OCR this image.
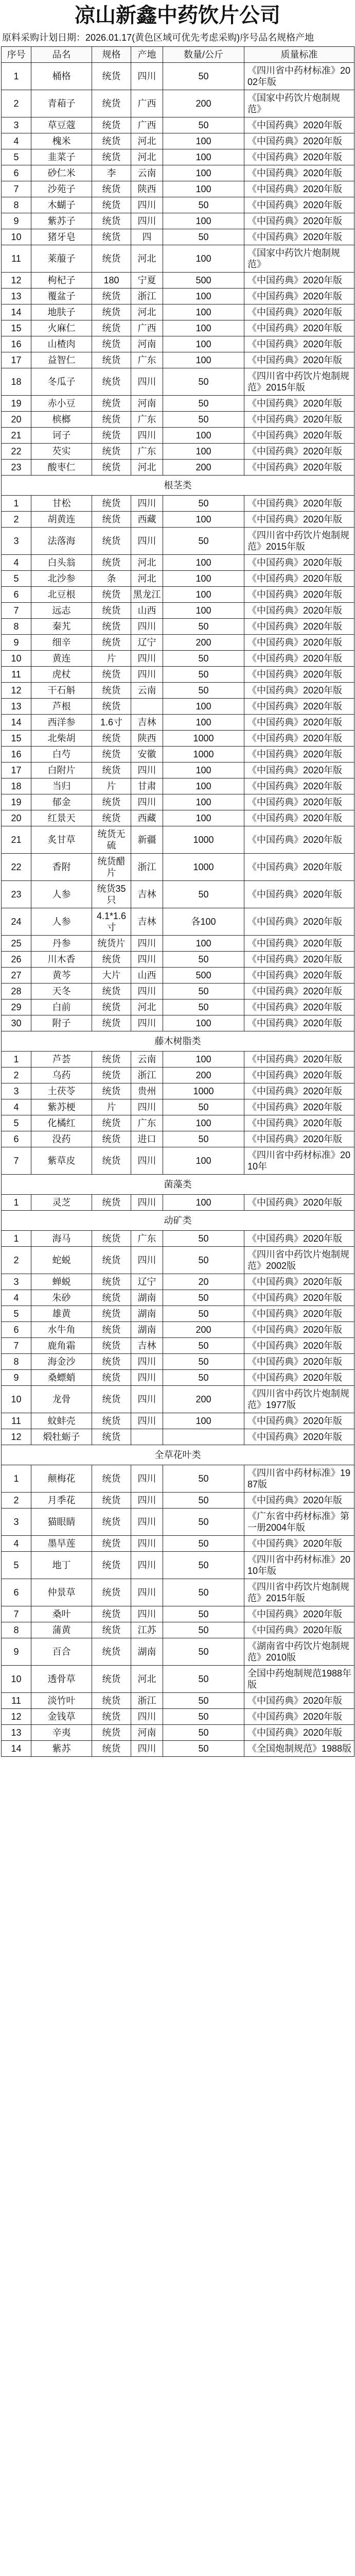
凉山新鑫中药饮片公司
原料采购计划日期：2026.01.17(黄色区域可优先考虑采购)序号品名规格产地
序号	品名	规格	产地	数量/公斤	质量标准
1	桶格	统货	四川	50	《四川省中药材标准》2002年版
2	青葙子	统货	广西	200	《国家中药饮片炮制规范》
3	草豆蔻	统货	广西	50	《中国药典》2020年版
4	槐米	统货	河北	100	《中国药典》2020年版
5	韭菜子	统货	河北	100	《中国药典》2020年版
6	砂仁米	李	云南	100	《中国药典》2020年版
7	沙苑子	统货	陕西	100	《中国药典》2020年版
8	木蝴子	统货	四川	50	《中国药典》2020年版
9	紫苏子	统货	四川	100	《中国药典》2020年版
10	猪牙皂	统货	四	50	《中国药典》2020年版
11	莱菔子	统货	河北	100	《国家中药饮片炮制规范》
12	枸杞子	180	宁夏	500	《中国药典》2020年版
13	覆盆子	统货	浙江	100	《中国药典》2020年版
14	地肤子	统货	河北	100	《中国药典》2020年版
15	火麻仁	统货	广西	100	《中国药典》2020年版
16	山楂肉	统货	河南	100	《中国药典》2020年版
17	益智仁	统货	广东	100	《中国药典》2020年版
18	冬瓜子	统货	四川	50	《四川省中药饮片炮制规范》2015年版
19	赤小豆	统货	河南	50	《中国药典》2020年版
20	槟榔	统货	广东	50	《中国药典》2020年版
21	诃子	统货	四川	100	《中国药典》2020年版
22	芡实	统货	广东	100	《中国药典》2020年版
23	酸枣仁	统货	河北	200	《中国药典》2020年版
根茎类					
1	甘松	统货	四川	50	《中国药典》2020年版
2	胡黄连	统货	西藏	100	《中国药典》2020年版
3	法落海	统货	四川	50	《四川省中药饮片炮制规范》2015年版
4	白头翁	统货	河北	100	《中国药典》2020年版
5	北沙参	条	河北	100	《中国药典》2020年版
6	北豆根	统货	黑龙江	100	《中国药典》2020年版
7	远志	统货	山西	100	《中国药典》2020年版
8	秦艽	统货	四川	50	《中国药典》2020年版
9	细辛	统货	辽宁	200	《中国药典》2020年版
10	黄连	片	四川	50	《中国药典》2020年版
11	虎杖	统货	四川	50	《中国药典》2020年版
12	干石斛	统货	云南	50	《中国药典》2020年版
13	芦根	统货		100	《中国药典》2020年版
14	西洋参	1.6寸	吉林	100	《中国药典》2020年版
15	北柴胡	统货	陕西	1000	《中国药典》2020年版
16	白芍	统货	安徽	1000	《中国药典》2020年版
17	白附片	统货	四川	100	《中国药典》2020年版
18	当归	片	甘肃	100	《中国药典》2020年版
19	郁金	统货	四川	100	《中国药典》2020年版
20	红景天	统货	西藏	100	《中国药典》2020年版
21	炙甘草	统货无硫	新疆	1000	《中国药典》2020年版
22	香附	统货醋片	浙江	1000	《中国药典》2020年版
23	人参	统货35只	吉林	50	《中国药典》2020年版
24	人参	4.1*1.6寸	吉林	各100	《中国药典》2020年版
25	丹参	统货片	四川	100	《中国药典》2020年版
26	川木香	统货	四川	50	《中国药典》2020年版
27	黄芩	大片	山西	500	《中国药典》2020年版
28	天冬	统货	四川	50	《中国药典》2020年版
29	白前	统货	河北	50	《中国药典》2020年版
30	附子	统货	四川	100	《中国药典》2020年版
藤木树脂类					
1	芦荟	统货	云南	100	《中国药典》2020年版
2	乌药	统货	浙江	200	《中国药典》2020年版
3	土茯苓	统货	贵州	1000	《中国药典》2020年版
4	紫苏梗	片	四川	50	《中国药典》2020年版
5	化橘红	统货	广东	100	《中国药典》2020年版
6	没药	统货	进口	50	《中国药典》2020年版
7	紫草皮	统货	四川	100	《四川省中药材标准》2010年
菌藻类					
1	灵芝	统货	四川	100	《中国药典》2020年版
动矿类					
1	海马	统货	广东	50	《中国药典》2020年版
2	蛇蜕	统货	四川	50	《四川省中药饮片炮制规范》2002版
3	蝉蜕	统货	辽宁	20	《中国药典》2020年版
4	朱砂	统货	湖南	50	《中国药典》2020年版
5	雄黄	统货	湖南	50	《中国药典》2020年版
6	水牛角	统货	湖南	200	《中国药典》2020年版
7	鹿角霜	统货	吉林	50	《中国药典》2020年版
8	海金沙	统货	四川	50	《中国药典》2020年版
9	桑螵蛸	统货	四川	50	《中国药典》2020年版
10	龙骨	统货	四川	200	《四川省中药饮片炮制规范》1977版
11	蚊蚌壳	统货	四川	100	《中国药典》2020年版
12	煅牡蛎子	统货			《中国药典》2020年版
全草花叶类					
1	颠梅花	统货	四川	50	《四川省中药材标准》1987版
2	月季花	统货	四川	50	《中国药典》2020年版
3	猫眼睛	统货	四川	50	《广东省中药材标准》第一册2004年版
4	墨旱莲	统货	四川	50	《中国药典》2020年版
5	地丁	统货	四川	50	《四川省中药材标准》2010年版
6	仲景草	统货	四川	50	《四川省中药饮片炮制规范》2015年版
7	桑叶	统货	四川	50	《中国药典》2020年版
8	蒲黄	统货	江苏	50	《中国药典》2020年版
9	百合	统货	湖南	50	《湖南省中药饮片炮制规范》2010版
10	透骨草	统货	河北	50	全国中药炮制规范1988年版
11	淡竹叶	统货	浙江	50	《中国药典》2020年版
12	金钱草	统货	四川	50	《中国药典》2020年版
13	辛夷	统货	河南	50	《中国药典》2020年版
14	紫苏	统货	四川	50	《全国炮制规范》1988版
